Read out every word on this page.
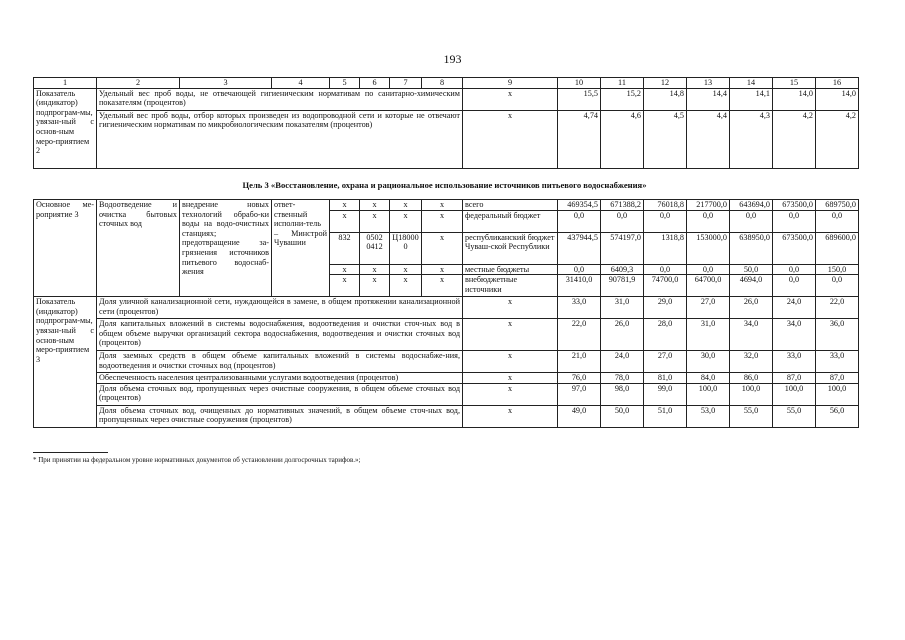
193
1	2	3	4	5	6	7	8	9	10	11	12	13	14	15	16
Показатель (индикатор) подпрограм-мы, увязан-ный с основ-ным меро-приятием 2	Удельный вес проб воды, не отвечающей гигиеническим нормативам по санитарно-химическим показателям (процентов)							х	15,5	15,2	14,8	14,4	14,1	14,0	14,0
	Удельный вес проб воды, отбор которых произведен из водопроводной сети и которые не отвечают гигиеническим нормативам по микробиологическим показателям (процентов)							х	4,74	4,6	4,5	4,4	4,3	4,2	4,2
Цель 3 «Восстановление, охрана и рациональное использование источников питьевого водоснабжения»
Основное ме-роприятие 3	Водоотведение и очистка бытовых сточных вод	внедрение новых технологий обрабо-ки воды на водо-очистных станциях; предотвращение за-грязнения источников питьевого водоснаб-жения	ответ-ственный исполни-тель – Минстрой Чувашии	х	х	х	х	всего	469354,5	671388,2	76018,8	217700,0	643694,0	673500,0	689750,0
				х	х	х	х	федеральный бюджет	0,0	0,0	0,0	0,0	0,0	0,0	0,0
				832	0502 0412	Ц180000	х	республиканский бюджет Чуваш-ской Республики	437944,5	574197,0	1318,8	153000,0	638950,0	673500,0	689600,0
				х	х	х	х	местные бюджеты	0,0	6409,3	0,0	0,0	50,0	0,0	150,0
				х	х	х	х	внебюджетные источники	31410,0	90781,9	74700,0	64700,0	4694,0	0,0	0,0
Показатель (индикатор) подпрограм-мы, увязан-ный с основ-ным меро-приятием 3	Доля уличной канализационной сети, нуждающейся в замене, в общем протяжении канализационной сети (процентов)							х	33,0	31,0	29,0	27,0	26,0	24,0	22,0
	Доля капитальных вложений в системы водоснабжения, водоотведения и очистки сточ-ных вод в общем объеме выручки организаций сектора водоснабжения, водоотведения и очистки сточных вод (процентов)							х	22,0	26,0	28,0	31,0	34,0	34,0	36,0
	Доля заемных средств в общем объеме капитальных вложений в системы водоснабже-ния, водоотведения и очистки сточных вод (процентов)							х	21,0	24,0	27,0	30,0	32,0	33,0	33,0
	Обеспеченность населения централизованными услугами водоотведения (процентов)							х	76,0	78,0	81,0	84,0	86,0	87,0	87,0
	Доля объема сточных вод, пропущенных через очистные сооружения, в общем объеме сточных вод (процентов)							х	97,0	98,0	99,0	100,0	100,0	100,0	100,0
	Доля объема сточных вод, очищенных до нормативных значений, в общем объеме сточ-ных вод, пропущенных через очистные сооружения (процентов)							х	49,0	50,0	51,0	53,0	55,0	55,0	56,0
* При принятии на федеральном уровне нормативных документов об установлении долгосрочных тарифов.»;
